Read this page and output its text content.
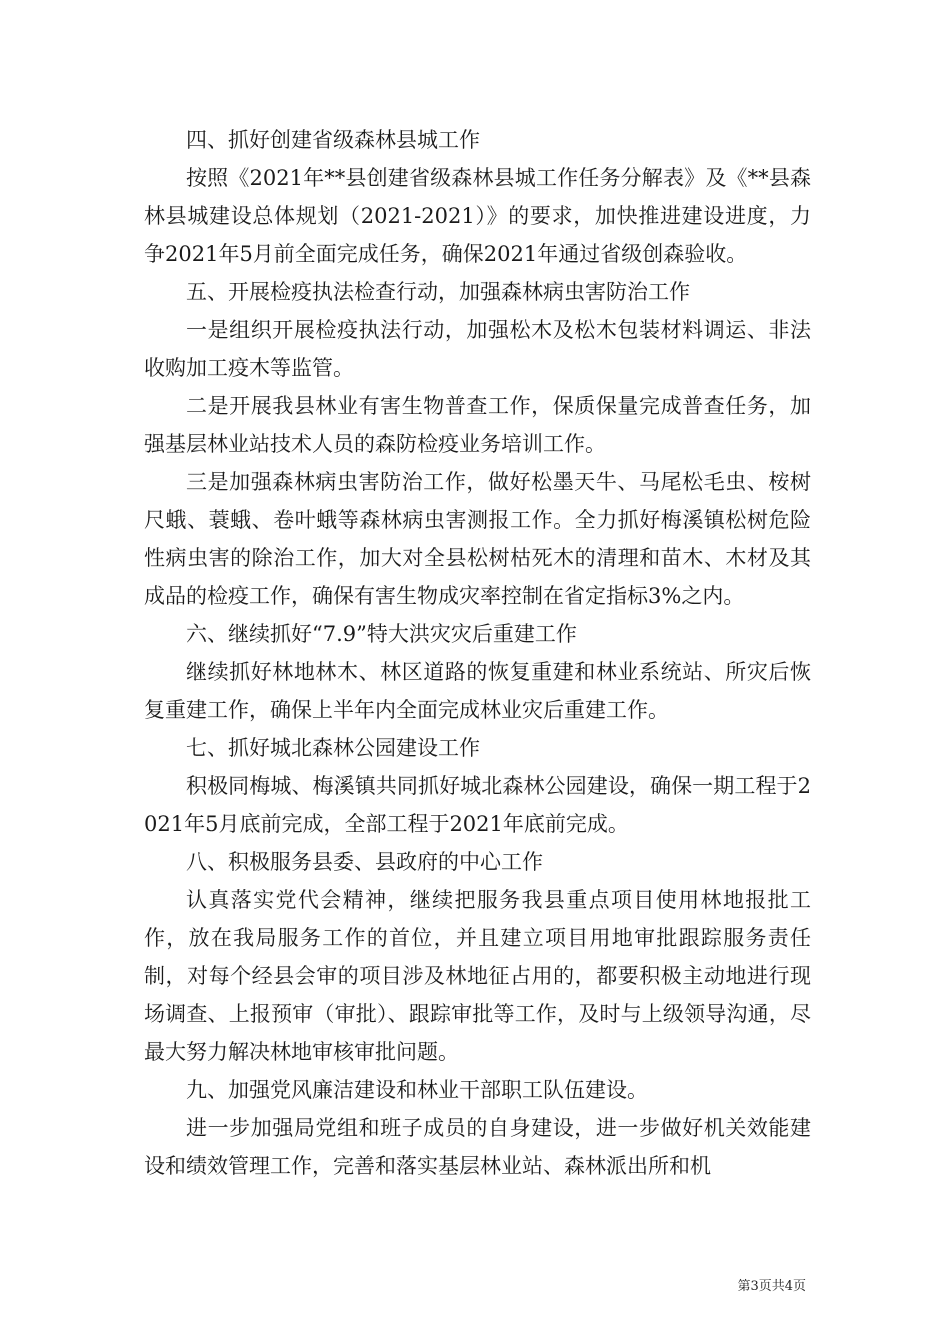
四、抓好创建省级森林县城工作

按照《2021年**县创建省级森林县城工作任务分解表》及《**县森林县城建设总体规划（2021-2021）》的要求，加快推进建设进度，力争2021年5月前全面完成任务，确保2021年通过省级创森验收。

五、开展检疫执法检查行动，加强森林病虫害防治工作

一是组织开展检疫执法行动，加强松木及松木包装材料调运、非法收购加工疫木等监管。

二是开展我县林业有害生物普查工作，保质保量完成普查任务，加强基层林业站技术人员的森防检疫业务培训工作。

三是加强森林病虫害防治工作，做好松墨天牛、马尾松毛虫、桉树尺蛾、蓑蛾、卷叶蛾等森林病虫害测报工作。全力抓好梅溪镇松树危险性病虫害的除治工作，加大对全县松树枯死木的清理和苗木、木材及其成品的检疫工作，确保有害生物成灾率控制在省定指标3%之内。

六、继续抓好“7.9”特大洪灾灾后重建工作

继续抓好林地林木、林区道路的恢复重建和林业系统站、所灾后恢复重建工作，确保上半年内全面完成林业灾后重建工作。

七、抓好城北森林公园建设工作

积极同梅城、梅溪镇共同抓好城北森林公园建设，确保一期工程于2021年5月底前完成，全部工程于2021年底前完成。

八、积极服务县委、县政府的中心工作

认真落实党代会精神，继续把服务我县重点项目使用林地报批工作，放在我局服务工作的首位，并且建立项目用地审批跟踪服务责任制，对每个经县会审的项目涉及林地征占用的，都要积极主动地进行现场调查、上报预审（审批）、跟踪审批等工作，及时与上级领导沟通，尽最大努力解决林地审核审批问题。

九、加强党风廉洁建设和林业干部职工队伍建设。

进一步加强局党组和班子成员的自身建设，进一步做好机关效能建设和绩效管理工作，完善和落实基层林业站、森林派出所和机

第3页共4页
